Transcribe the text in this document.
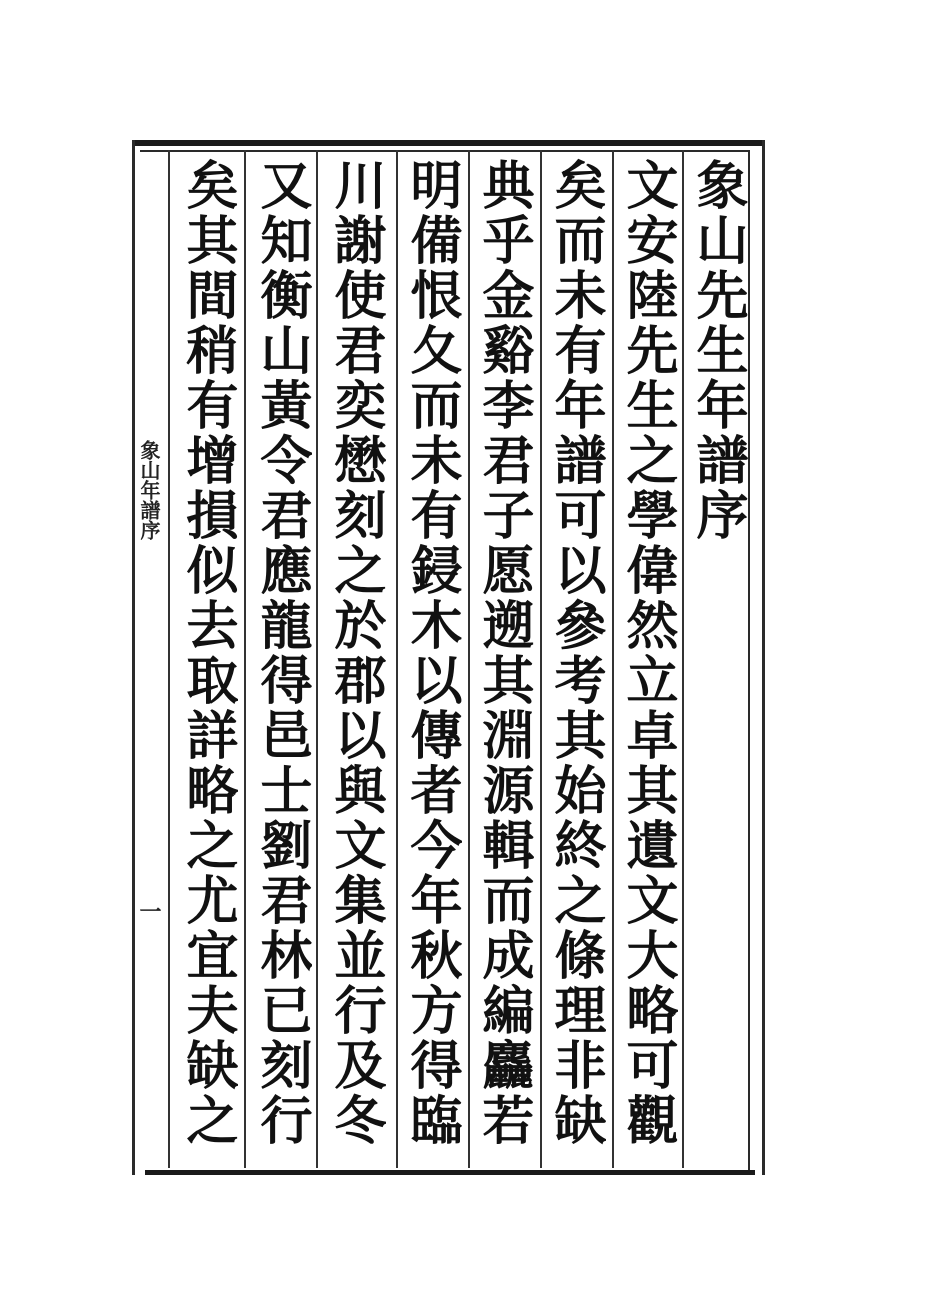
象山先生年譜序
文安陸先生之學偉然立卓其遺文大略可觀
矣而未有年譜可以參考其始終之條理非缺
典乎金谿李君子愿遡其淵源輯而成編麤若
明備恨夂而未有鋟木以傳者今年秋方得臨
川謝使君奕懋刻之於郡以與文集並行及冬
又知衡山黃令君應龍得邑士劉君林已刻行
矣其間稍有增損似去取詳略之尤宜夫缺之
象山年譜序
一
